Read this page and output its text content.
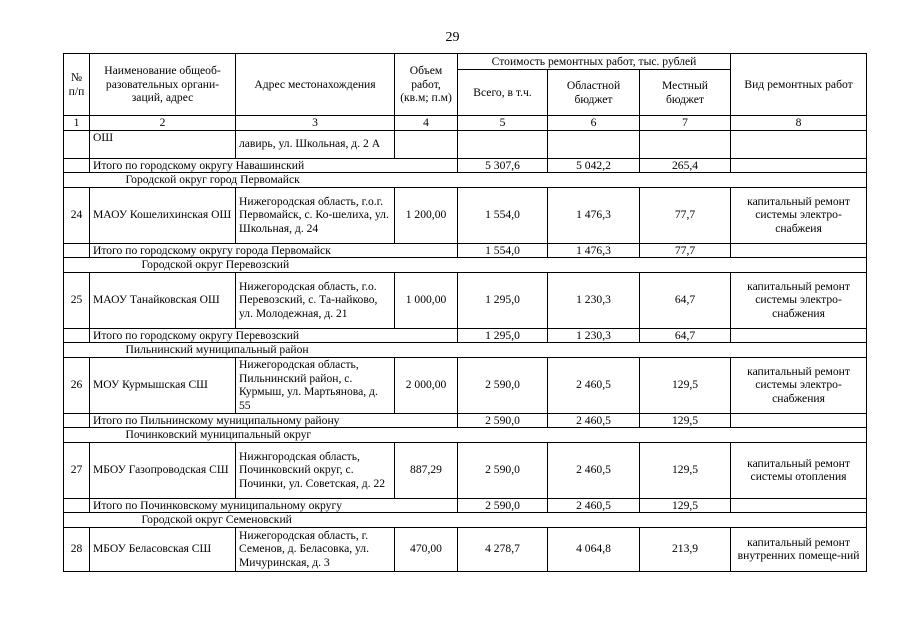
29
№ п/п	Наименование общеоб-разовательных органи-заций, адрес	Адрес местонахождения	Объем работ, (кв.м; п.м)	Стоимость ремонтных работ, тыс. рублей			Вид ремонтных работ
				Всего, в т.ч.	Областной бюджет	Местный бюджет	
1	2	3	4	5	6	7	8
	ОШ	лавирь, ул. Школьная, д. 2 А					
	Итого по городскому округу Навашинский			5 307,6	5 042,2	265,4	
	Городской округ город Первомайск						
24	МАОУ Кошелихинская ОШ	Нижегородская область, г.о.г. Первомайск, с. Ко-шелиха, ул. Школьная, д. 24	1 200,00	1 554,0	1 476,3	77,7	капитальный ремонт системы электро-снабжеия
	Итого по городскому округу города Первомайск			1 554,0	1 476,3	77,7	
	Городской округ Перевозский						
25	МАОУ Танайковская ОШ	Нижегородская область, г.о. Перевозский, с. Та-найково, ул. Молодежная, д. 21	1 000,00	1 295,0	1 230,3	64,7	капитальный ремонт системы электро-снабжения
	Итого по городскому округу Перевозский			1 295,0	1 230,3	64,7	
	Пильнинский муниципальный район						
26	МОУ Курмышская СШ	Нижегородская область, Пильнинский район, с. Курмыш, ул. Мартьянова, д. 55	2 000,00	2 590,0	2 460,5	129,5	капитальный ремонт системы электро-снабжения
	Итого по Пильнинскому муниципальному району			2 590,0	2 460,5	129,5	
	Починковский муниципальный округ						
27	МБОУ Газопроводская СШ	Нижнгородская область, Починковский округ, с. Починки, ул. Советская, д. 22	887,29	2 590,0	2 460,5	129,5	капитальный ремонт системы отопления
	Итого по Починковскому муниципальному округу			2 590,0	2 460,5	129,5	
	Городской округ Семеновский						
28	МБОУ Беласовская СШ	Нижегородская область, г. Семенов, д. Беласовка, ул. Мичуринская, д. 3	470,00	4 278,7	4 064,8	213,9	капитальный ремонт внутренних помеще-ний
